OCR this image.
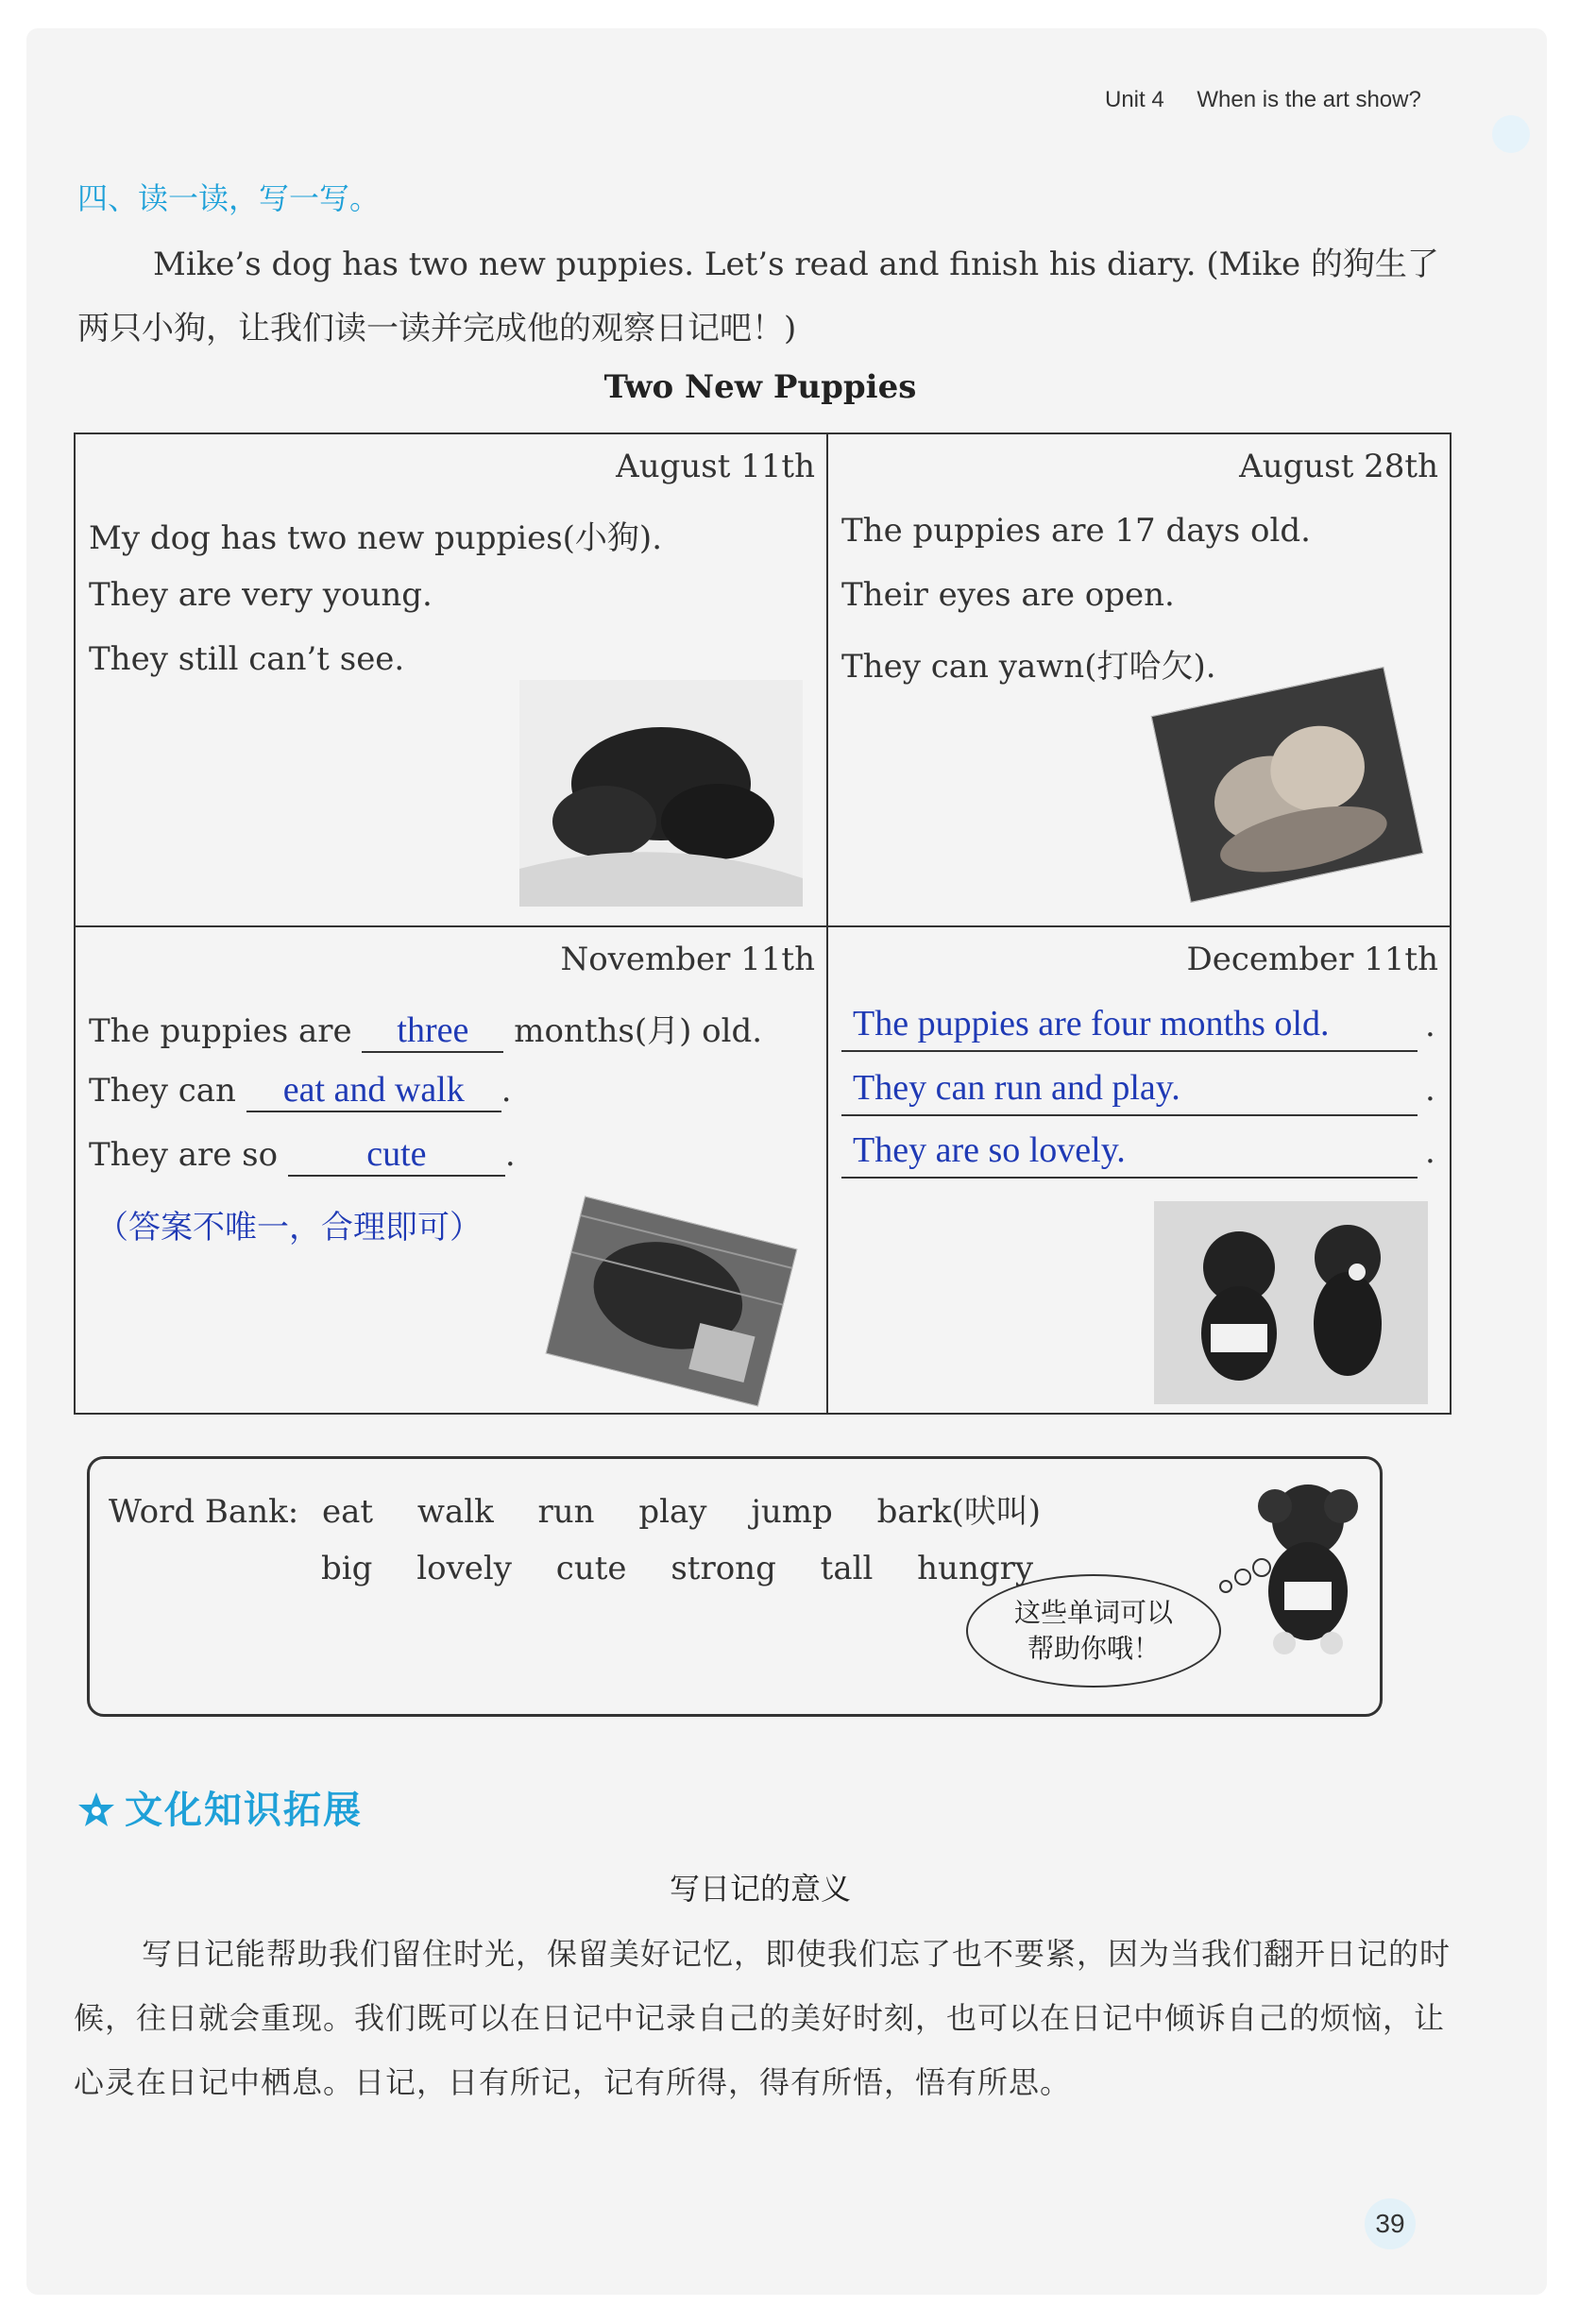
Unit 4 When is the art show?
四、读一读，写一写。
Mike’s dog has two new puppies. Let’s read and finish his diary. (Mike 的狗生了两只小狗，让我们读一读并完成他的观察日记吧！)
Two New Puppies
August 11th
My dog has two new puppies(小狗).
They are very young.
They still can’t see.
August 28th
The puppies are 17 days old.
Their eyes are open.
They can yawn(打哈欠).
November 11th
The puppies are three months(月) old.
They can eat and walk .
They are so cute .
（答案不唯一，合理即可）
December 11th
The puppies are four months old.	.
They can run and play.	.
They are so lovely.	.
Word Bank: eat walk run play jump bark(吠叫)
big lovely cute strong tall hungry
这些单词可以
帮助你哦！
文化知识拓展
写日记的意义
写日记能帮助我们留住时光，保留美好记忆，即使我们忘了也不要紧，因为当我们翻开日记的时候，往日就会重现。我们既可以在日记中记录自己的美好时刻，也可以在日记中倾诉自己的烦恼，让心灵在日记中栖息。日记，日有所记，记有所得，得有所悟，悟有所思。
39
